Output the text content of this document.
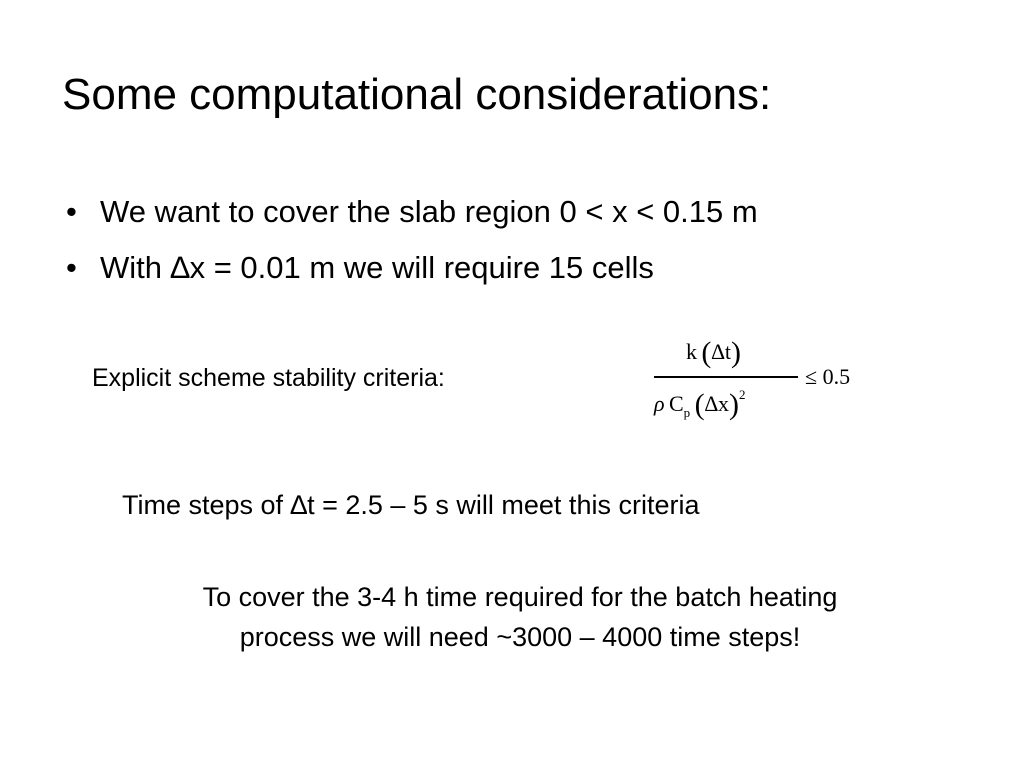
Some computational considerations:
• We want to cover the slab region 0 < x < 0.15 m
• With ∆x = 0.01 m we will require 15 cells
Explicit scheme stability criteria:
k  (∆t)
ρ  $C_p$  $(\Delta x)^2$
≤ 0.5
Time steps of ∆t = 2.5 – 5 s will meet this criteria
To cover the 3-4 h time required for the batch heating
process we will need ~3000 – 4000 time steps!
